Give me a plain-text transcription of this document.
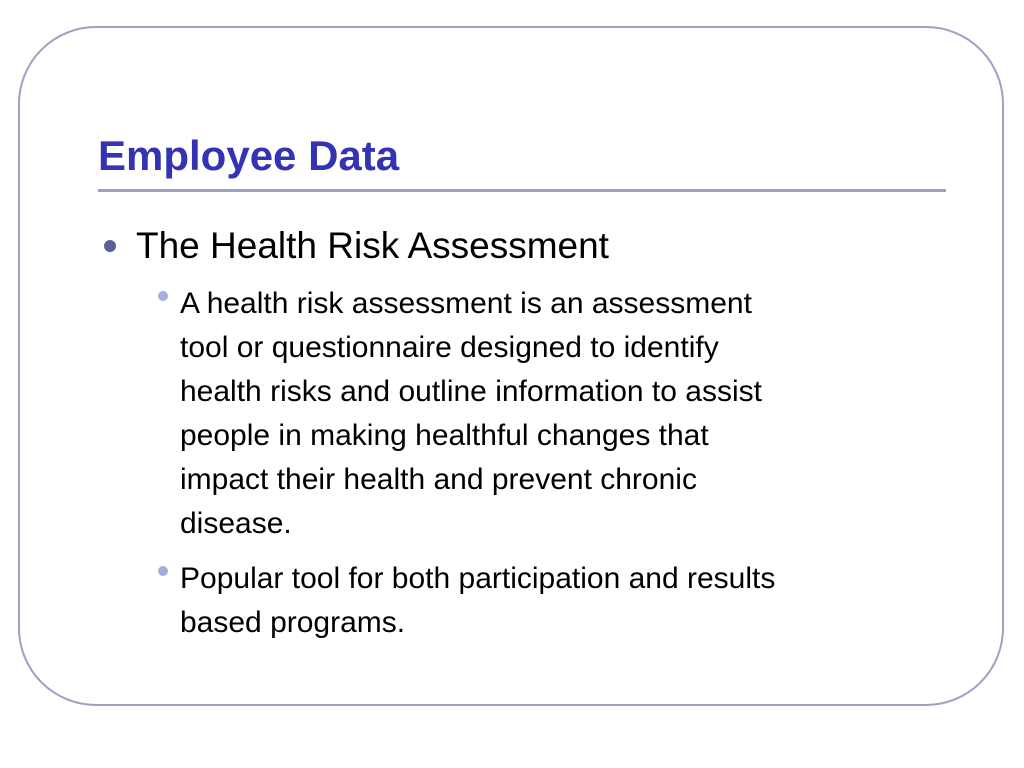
Employee Data

The Health Risk Assessment

A health risk assessment is an assessment
tool or questionnaire designed to identify
health risks and outline information to assist
people in making healthful changes that
impact their health and prevent chronic
disease.

Popular tool for both participation and results
based programs.
